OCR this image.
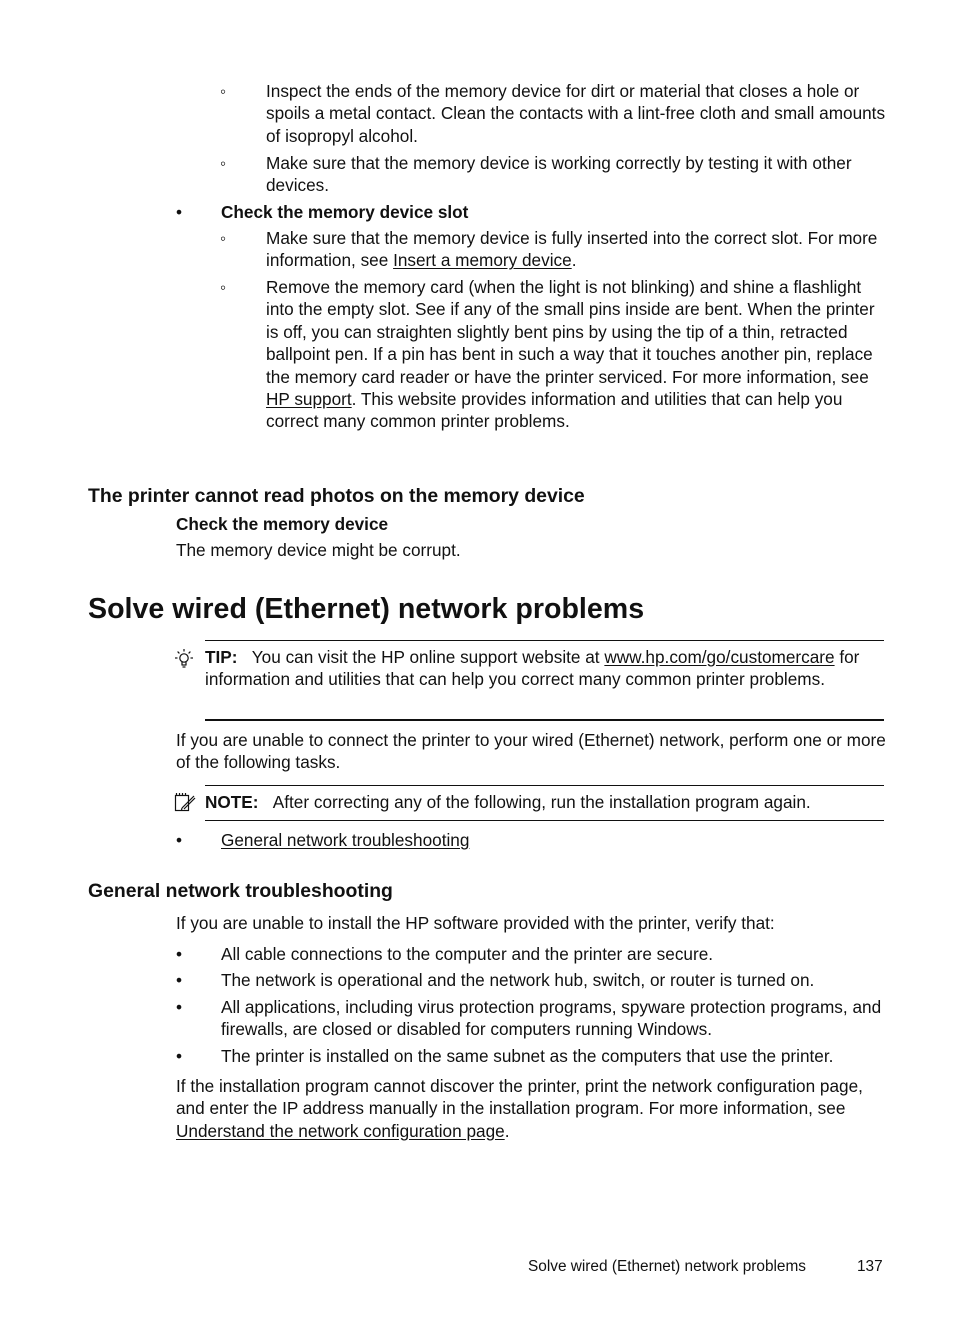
◦ Inspect the ends of the memory device for dirt or material that closes a hole or spoils a metal contact. Clean the contacts with a lint-free cloth and small amounts of isopropyl alcohol.

◦ Make sure that the memory device is working correctly by testing it with other devices.

• Check the memory device slot

◦ Make sure that the memory device is fully inserted into the correct slot. For more information, see Insert a memory device.

◦ Remove the memory card (when the light is not blinking) and shine a flashlight into the empty slot. See if any of the small pins inside are bent. When the printer is off, you can straighten slightly bent pins by using the tip of a thin, retracted ballpoint pen. If a pin has bent in such a way that it touches another pin, replace the memory card reader or have the printer serviced. For more information, see HP support. This website provides information and utilities that can help you correct many common printer problems.

The printer cannot read photos on the memory device

Check the memory device

The memory device might be corrupt.

Solve wired (Ethernet) network problems

TIP: You can visit the HP online support website at www.hp.com/go/customercare for information and utilities that can help you correct many common printer problems.

If you are unable to connect the printer to your wired (Ethernet) network, perform one or more of the following tasks.

NOTE: After correcting any of the following, run the installation program again.

• General network troubleshooting

General network troubleshooting

If you are unable to install the HP software provided with the printer, verify that:

• All cable connections to the computer and the printer are secure.

• The network is operational and the network hub, switch, or router is turned on.

• All applications, including virus protection programs, spyware protection programs, and firewalls, are closed or disabled for computers running Windows.

• The printer is installed on the same subnet as the computers that use the printer.

If the installation program cannot discover the printer, print the network configuration page, and enter the IP address manually in the installation program. For more information, see Understand the network configuration page.

Solve wired (Ethernet) network problems	137
